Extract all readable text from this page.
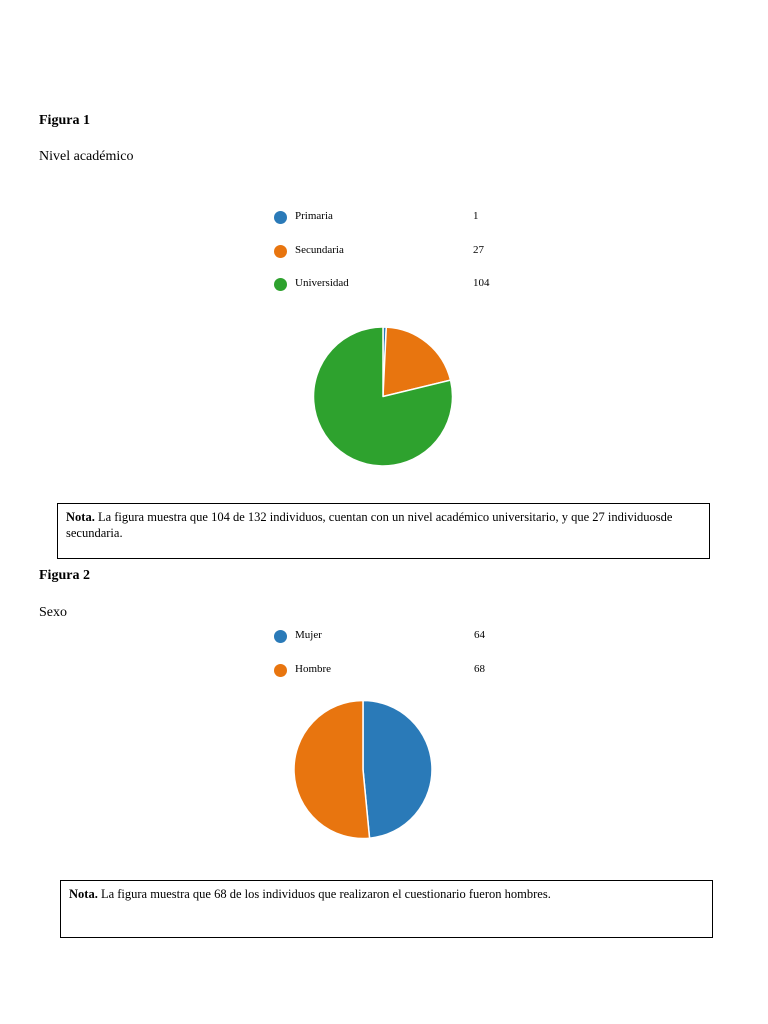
Figura 1
Nivel académico
Primaria	1
Secundaria	27
Universidad	104
Nota. La figura muestra que 104 de 132 individuos, cuentan con un nivel académico universitario, y que 27 individuosde secundaria.
Figura 2
Sexo
Mujer	64
Hombre	68
Nota. La figura muestra que 68 de los individuos que realizaron el cuestionario fueron hombres.
